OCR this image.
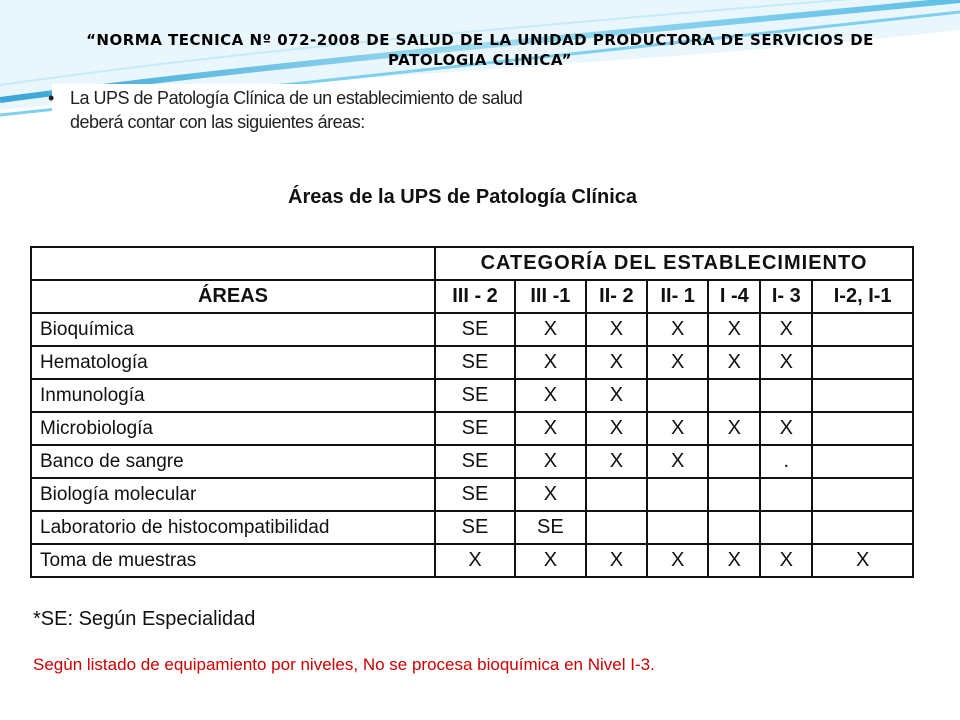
“NORMA TECNICA Nº 072-2008 DE SALUD DE LA UNIDAD PRODUCTORA DE SERVICIOS DE PATOLOGIA CLINICA”
• La UPS de Patología Clínica de un establecimiento de salud deberá contar con las siguientes áreas:
Áreas de la UPS de Patología Clínica
	CATEGORÍA DEL ESTABLECIMIENTO						
ÁREAS	III - 2	III -1	II- 2	II- 1	I -4	I- 3	I-2, I-1
Bioquímica	SE	X	X	X	X	X	
Hematología	SE	X	X	X	X	X	
Inmunología	SE	X	X				
Microbiología	SE	X	X	X	X	X	
Banco de sangre	SE	X	X	X		.	
Biología molecular	SE	X					
Laboratorio de histocompatibilidad	SE	SE					
Toma de muestras	X	X	X	X	X	X	X
*SE: Según Especialidad
Segùn listado de equipamiento por niveles, No se procesa bioquímica en Nivel I-3.
